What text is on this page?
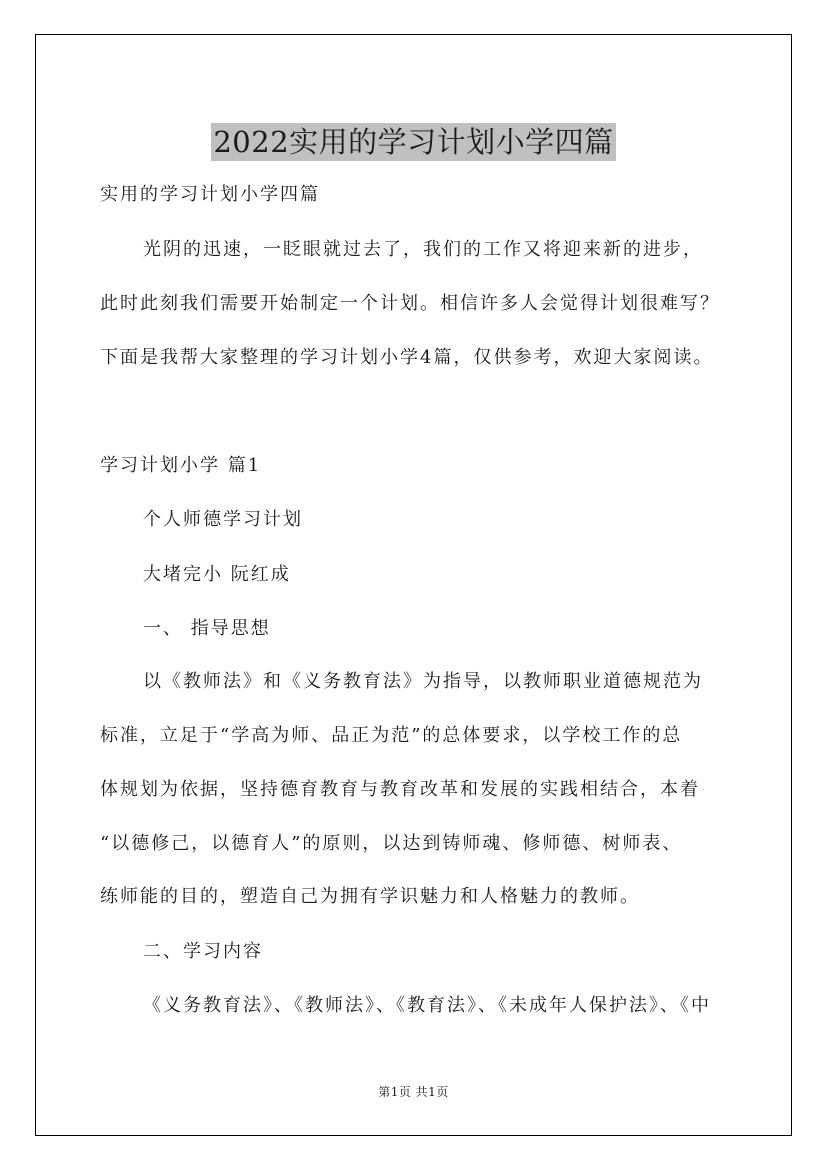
2022实用的学习计划小学四篇
实用的学习计划小学四篇
光阴的迅速，一眨眼就过去了，我们的工作又将迎来新的进步，
此时此刻我们需要开始制定一个计划。相信许多人会觉得计划很难写？
下面是我帮大家整理的学习计划小学4篇，仅供参考，欢迎大家阅读。
学习计划小学 篇1
个人师德学习计划
大堵完小 阮红成
一、 指导思想
以《教师法》和《义务教育法》为指导，以教师职业道德规范为
标准，立足于“学高为师、品正为范”的总体要求，以学校工作的总
体规划为依据，坚持德育教育与教育改革和发展的实践相结合，本着
“以德修己，以德育人”的原则，以达到铸师魂、修师德、树师表、
练师能的目的，塑造自己为拥有学识魅力和人格魅力的教师。
二、学习内容
《义务教育法》、《教师法》、《教育法》、《未成年人保护法》、《中
第1页 共1页
